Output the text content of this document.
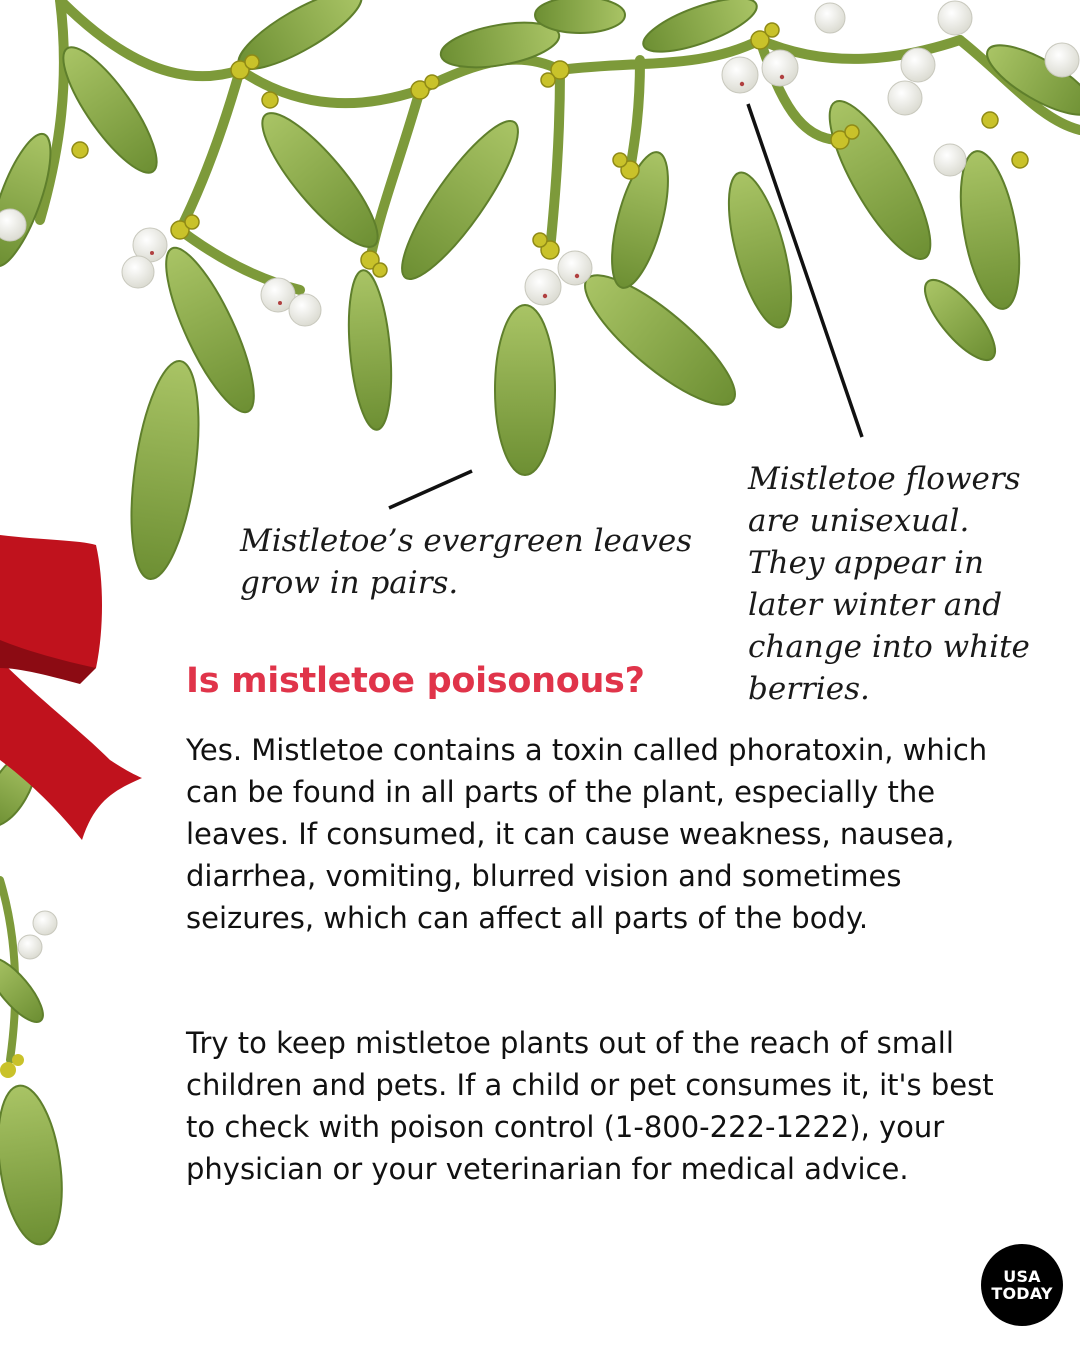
Mistletoe’s evergreen leaves grow in pairs.
Mistletoe flowers are unisexual. They appear in later winter and change into white berries.
Is mistletoe poisonous?

Yes. Mistletoe contains a toxin called phoratoxin, which can be found in all parts of the plant, especially the leaves. If consumed, it can cause weakness, nausea, diarrhea, vomiting, blurred vision and sometimes seizures, which can affect all parts of the body.

Try to keep mistletoe plants out of the reach of small children and pets. If a child or pet consumes it, it's best to check with poison control (1-800-222-1222), your physician or your veterinarian for medical advice.

USA
TODAY
